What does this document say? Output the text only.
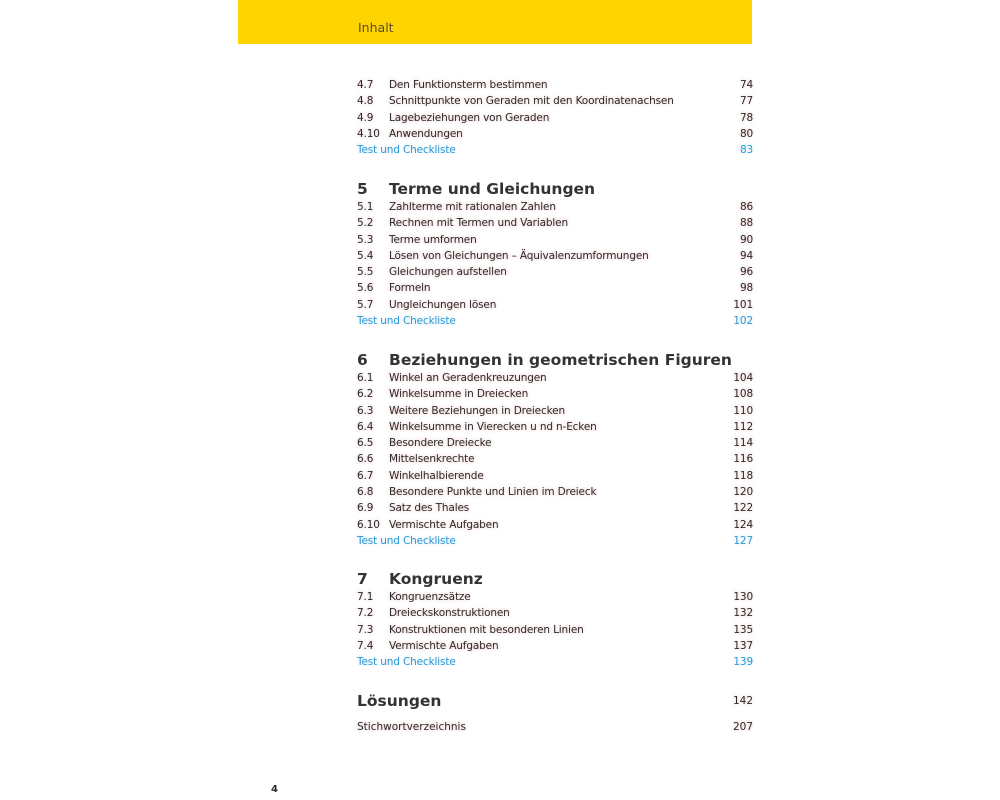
Inhalt
4.7	Den Funktionsterm bestimmen	74
4.8	Schnittpunkte von Geraden mit den Koordinatenachsen	77
4.9	Lagebeziehungen von Geraden	78
4.10 Anwendungen	80
Test und Checkliste	83
5	Terme und Gleichungen
5.1	Zahlterme mit rationalen Zahlen	86
5.2	Rechnen mit Termen und Variablen	88
5.3	Terme umformen	90
5.4	Lösen von Gleichungen – Äquivalenzumformungen	94
5.5	Gleichungen aufstellen	96
5.6	Formeln	98
5.7	Ungleichungen lösen	101
Test und Checkliste	102
6	Beziehungen in geometrischen Figuren
6.1	Winkel an Geradenkreuzungen	104
6.2	Winkelsumme in Dreiecken	108
6.3	Weitere Beziehungen in Dreiecken	110
6.4	Winkelsumme in Vierecken u nd n-Ecken	112
6.5	Besondere Dreiecke	114
6.6	Mittelsenkrechte	116
6.7	Winkelhalbierende	118
6.8	Besondere Punkte und Linien im Dreieck	120
6.9	Satz des Thales	122
6.10 Vermischte Aufgaben	124
Test und Checkliste	127
7	Kongruenz
7.1	Kongruenzsätze	130
7.2	Dreieckskonstruktionen	132
7.3	Konstruktionen mit besonderen Linien	135
7.4	Vermischte Aufgaben	137
Test und Checkliste	139
Lösungen	142
Stichwortverzeichnis	207
4
